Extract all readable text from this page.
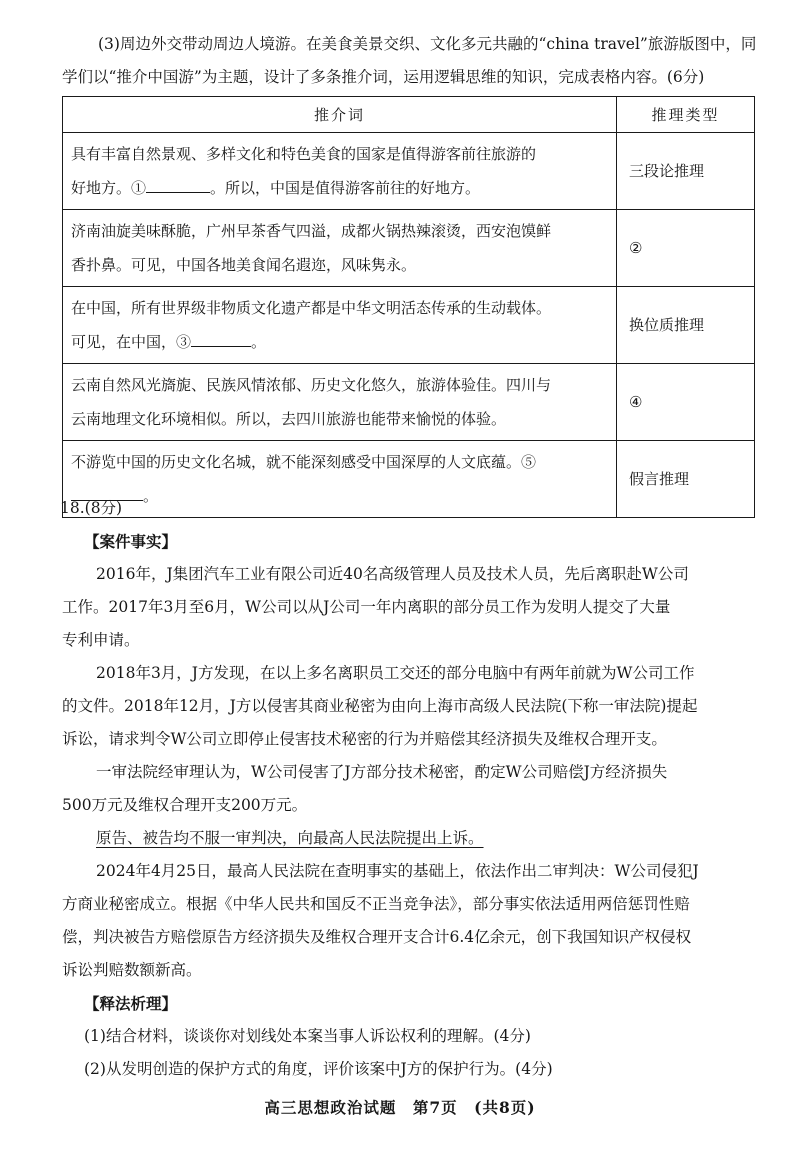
(3)周边外交带动周边人境游。在美食美景交织、文化多元共融的“china travel”旅游版图中，同
学们以“推介中国游”为主题，设计了多条推介词，运用逻辑思维的知识，完成表格内容。(6分)
推介词	推理类型
具有丰富自然景观、多样文化和特色美食的国家是值得游客前往旅游的
好地方。① 。所以，中国是值得游客前往的好地方。	三段论推理
济南油旋美味酥脆，广州早茶香气四溢，成都火锅热辣滚烫，西安泡馍鲜
香扑鼻。可见，中国各地美食闻名遐迩，风味隽永。	②
在中国，所有世界级非物质文化遗产都是中华文明活态传承的生动载体。
可见，在中国，③ 。	换位质推理
云南自然风光旖旎、民族风情浓郁、历史文化悠久，旅游体验佳。四川与
云南地理文化环境相似。所以，去四川旅游也能带来愉悦的体验。	④
不游览中国的历史文化名城，就不能深刻感受中国深厚的人文底蕴。⑤
。	假言推理
18.(8分)
【案件事实】

2016年，J集团汽车工业有限公司近40名高级管理人员及技术人员，先后离职赴W公司
工作。2017年3月至6月，W公司以从J公司一年内离职的部分员工作为发明人提交了大量
专利申请。

2018年3月，J方发现，在以上多名离职员工交还的部分电脑中有两年前就为W公司工作
的文件。2018年12月，J方以侵害其商业秘密为由向上海市高级人民法院(下称一审法院)提起
诉讼，请求判令W公司立即停止侵害技术秘密的行为并赔偿其经济损失及维权合理开支。

一审法院经审理认为，W公司侵害了J方部分技术秘密，酌定W公司赔偿J方经济损失
500万元及维权合理开支200万元。

原告、被告均不服一审判决，向最高人民法院提出上诉。

2024年4月25日，最高人民法院在查明事实的基础上，依法作出二审判决：W公司侵犯J
方商业秘密成立。根据《中华人民共和国反不正当竞争法》，部分事实依法适用两倍惩罚性赔
偿，判决被告方赔偿原告方经济损失及维权合理开支合计6.4亿余元，创下我国知识产权侵权
诉讼判赔数额新高。

【释法析理】
(1)结合材料，谈谈你对划线处本案当事人诉讼权利的理解。(4分)
(2)从发明创造的保护方式的角度，评价该案中J方的保护行为。(4分)
高三思想政治试题　第7页　(共8页)
